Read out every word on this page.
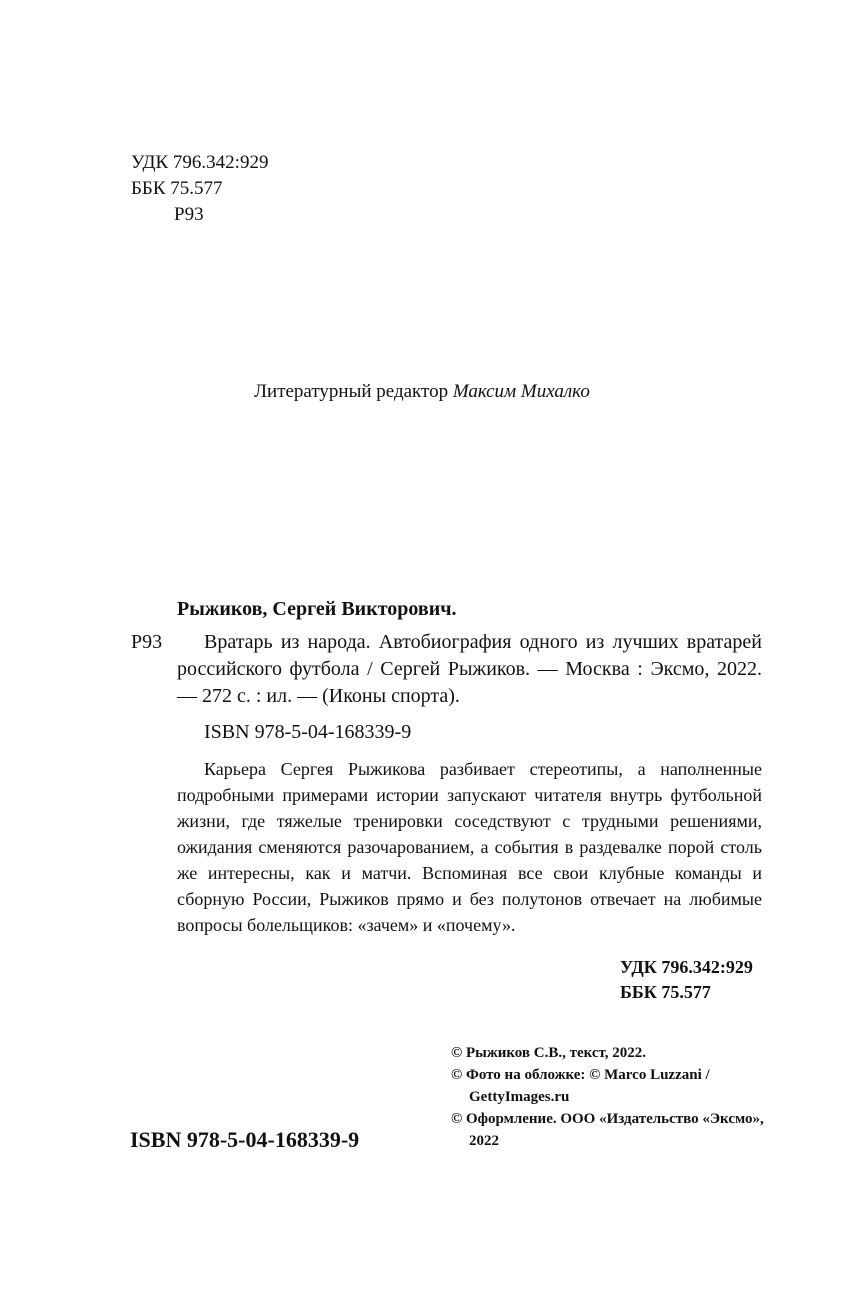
УДК 796.342:929
ББК 75.577
Р93
Литературный редактор Максим Михалко
Рыжиков, Сергей Викторович.
Р93	Вратарь из народа. Автобиография одного из лучших вратарей российского футбола / Сергей Рыжиков. — Москва : Эксмо, 2022. — 272 с. : ил. — (Иконы спорта).
ISBN 978-5-04-168339-9
Карьера Сергея Рыжикова разбивает стереотипы, а наполненные подробными примерами истории запускают читателя внутрь футбольной жизни, где тяжелые тренировки соседствуют с трудными решениями, ожидания сменяются разочарованием, а события в раздевалке порой столь же интересны, как и матчи. Вспоминая все свои клубные команды и сборную России, Рыжиков прямо и без полутонов отвечает на любимые вопросы болельщиков: «зачем» и «почему».
УДК 796.342:929
ББК 75.577
© Рыжиков С.В., текст, 2022.
© Фото на обложке: © Marco Luzzani / GettyImages.ru
© Оформление. ООО «Издательство «Эксмо», 2022
ISBN 978-5-04-168339-9
